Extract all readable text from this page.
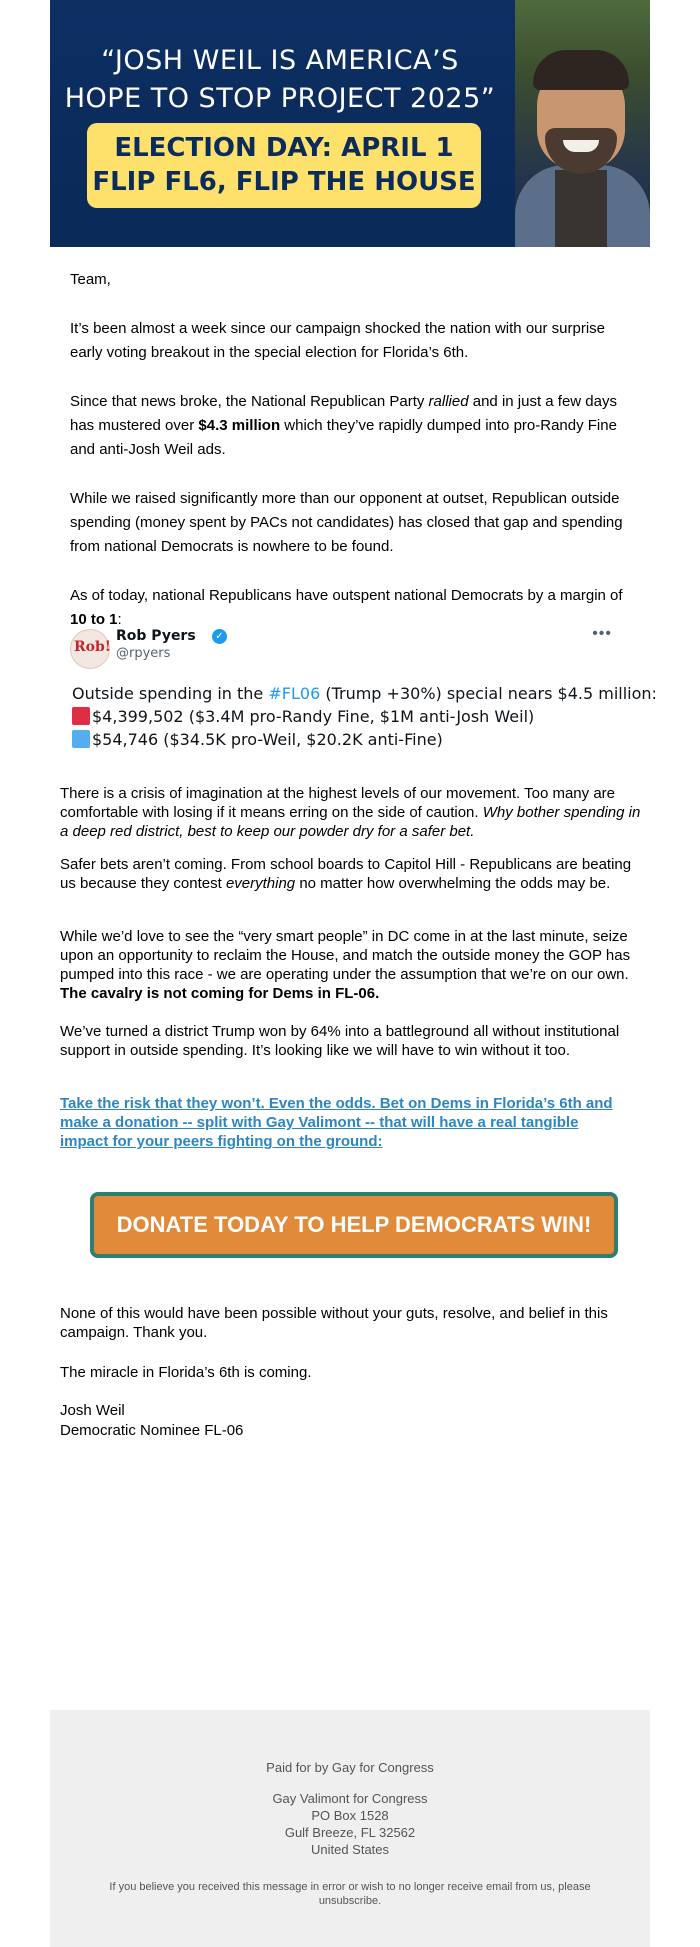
“JOSH WEIL IS AMERICA’S
HOPE TO STOP PROJECT 2025”
ELECTION DAY: APRIL 1
FLIP FL6, FLIP THE HOUSE
Team,
It’s been almost a week since our campaign shocked the nation with our surprise early voting breakout in the special election for Florida’s 6th.
Since that news broke, the National Republican Party rallied and in just a few days has mustered over $4.3 million which they’ve rapidly dumped into pro-Randy Fine and anti-Josh Weil ads.
While we raised significantly more than our opponent at outset, Republican outside spending (money spent by PACs not candidates) has closed that gap and spending from national Democrats is nowhere to be found.
As of today, national Republicans have outspent national Democrats by a margin of 10 to 1:
Rob!
Rob Pyers	✓
@rpyers
•••
Outside spending in the #FL06 (Trump +30%) special nears $4.5 million:
$4,399,502 ($3.4M pro-Randy Fine, $1M anti-Josh Weil)
$54,746 ($34.5K pro-Weil, $20.2K anti-Fine)
There is a crisis of imagination at the highest levels of our movement. Too many are comfortable with losing if it means erring on the side of caution. Why bother spending in a deep red district, best to keep our powder dry for a safer bet.
Safer bets aren’t coming. From school boards to Capitol Hill - Republicans are beating us because they contest everything no matter how overwhelming the odds may be.
While we’d love to see the “very smart people” in DC come in at the last minute, seize upon an opportunity to reclaim the House, and match the outside money the GOP has pumped into this race - we are operating under the assumption that we’re on our own. The cavalry is not coming for Dems in FL-06.
We’ve turned a district Trump won by 64% into a battleground all without institutional support in outside spending. It’s looking like we will have to win without it too.
Take the risk that they won’t. Even the odds. Bet on Dems in Florida’s 6th and make a donation -- split with Gay Valimont -- that will have a real tangible impact for your peers fighting on the ground:
DONATE TODAY TO HELP DEMOCRATS WIN!
None of this would have been possible without your guts, resolve, and belief in this campaign. Thank you.
The miracle in Florida’s 6th is coming.
Josh Weil
Democratic Nominee FL-06
Paid for by Gay for Congress
Gay Valimont for Congress
PO Box 1528
Gulf Breeze, FL 32562
United States
If you believe you received this message in error or wish to no longer receive email from us, please unsubscribe.
